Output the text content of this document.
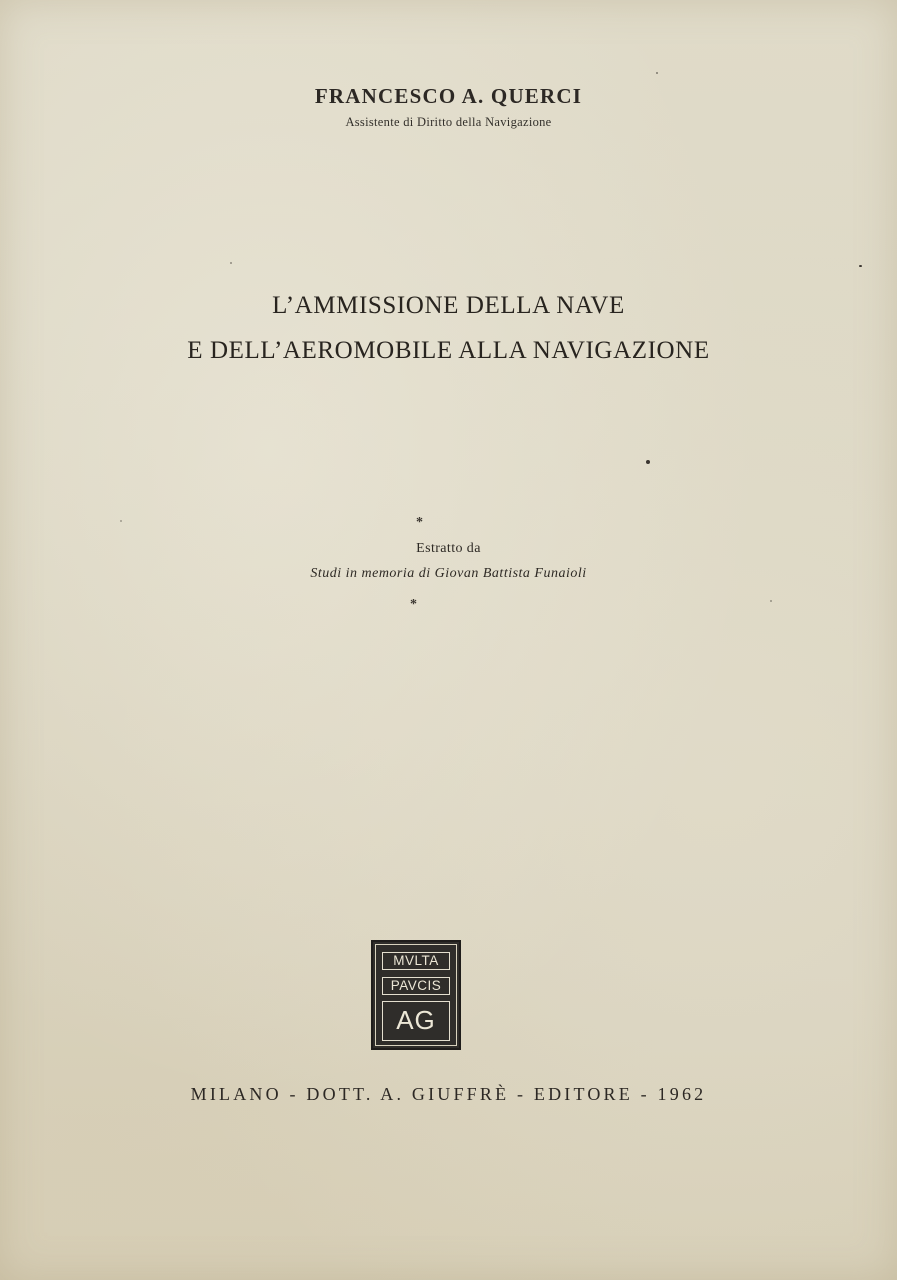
FRANCESCO A. QUERCI
Assistente di Diritto della Navigazione
L’AMMISSIONE DELLA NAVE
E DELL’AEROMOBILE ALLA NAVIGAZIONE
*
Estratto da
Studi in memoria di Giovan Battista Funaioli
*
MVLTA
PAVCIS
AG
MILANO - DOTT. A. GIUFFRÈ - EDITORE - 1962
